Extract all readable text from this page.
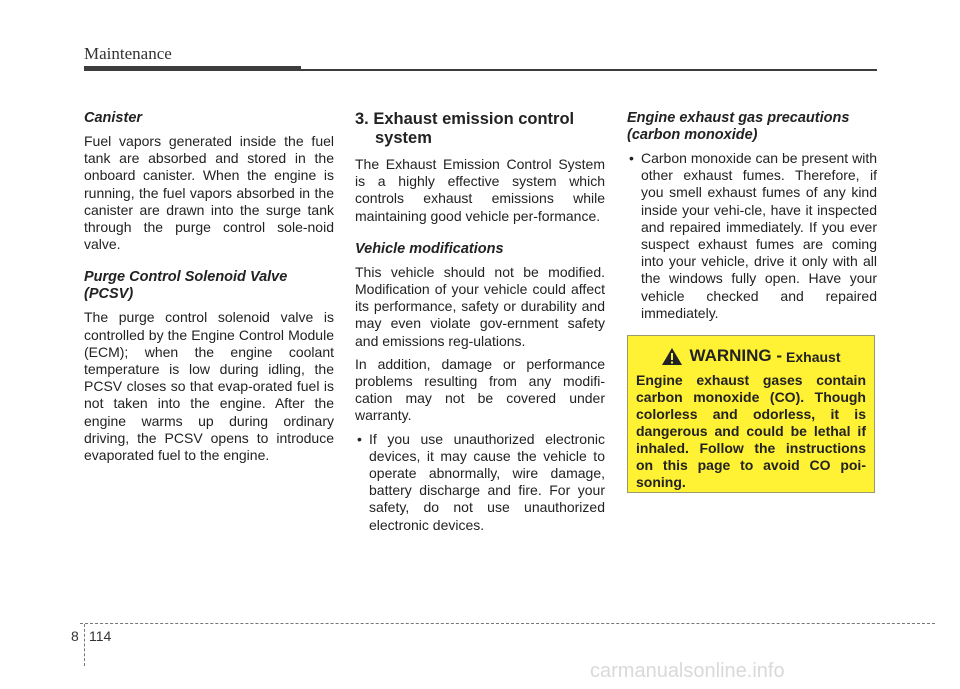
Maintenance
Canister

Fuel vapors generated inside the fuel tank are absorbed and stored in the onboard canister. When the engine is running, the fuel vapors absorbed in the canister are drawn into the surge tank through the purge control sole-noid valve.

Purge Control Solenoid Valve
(PCSV)

The purge control solenoid valve is controlled by the Engine Control Module (ECM); when the engine coolant temperature is low during idling, the PCSV closes so that evap-orated fuel is not taken into the engine. After the engine warms up during ordinary driving, the PCSV opens to introduce evaporated fuel to the engine.

3. Exhaust emission control
system

The Exhaust Emission Control System is a highly effective system which controls exhaust emissions while maintaining good vehicle per-formance.

Vehicle modifications

This vehicle should not be modified. Modification of your vehicle could affect its performance, safety or durability and may even violate gov-ernment safety and emissions reg-ulations.

In addition, damage or performance problems resulting from any modifi-cation may not be covered under warranty.

• If you use unauthorized electronic devices, it may cause the vehicle to operate abnormally, wire damage, battery discharge and fire. For your safety, do not use unauthorized electronic devices.
Engine exhaust gas precautions
(carbon monoxide)
• Carbon monoxide can be present with other exhaust fumes. Therefore, if you smell exhaust fumes of any kind inside your vehi-cle, have it inspected and repaired immediately. If you ever suspect exhaust fumes are coming into your vehicle, drive it only with all the windows fully open. Have your vehicle checked and repaired immediately.
WARNING - Exhaust
Engine exhaust gases contain carbon monoxide (CO). Though colorless and odorless, it is dangerous and could be lethal if inhaled. Follow the instructions on this page to avoid CO poi-soning.
8 114
carmanualsonline.info
